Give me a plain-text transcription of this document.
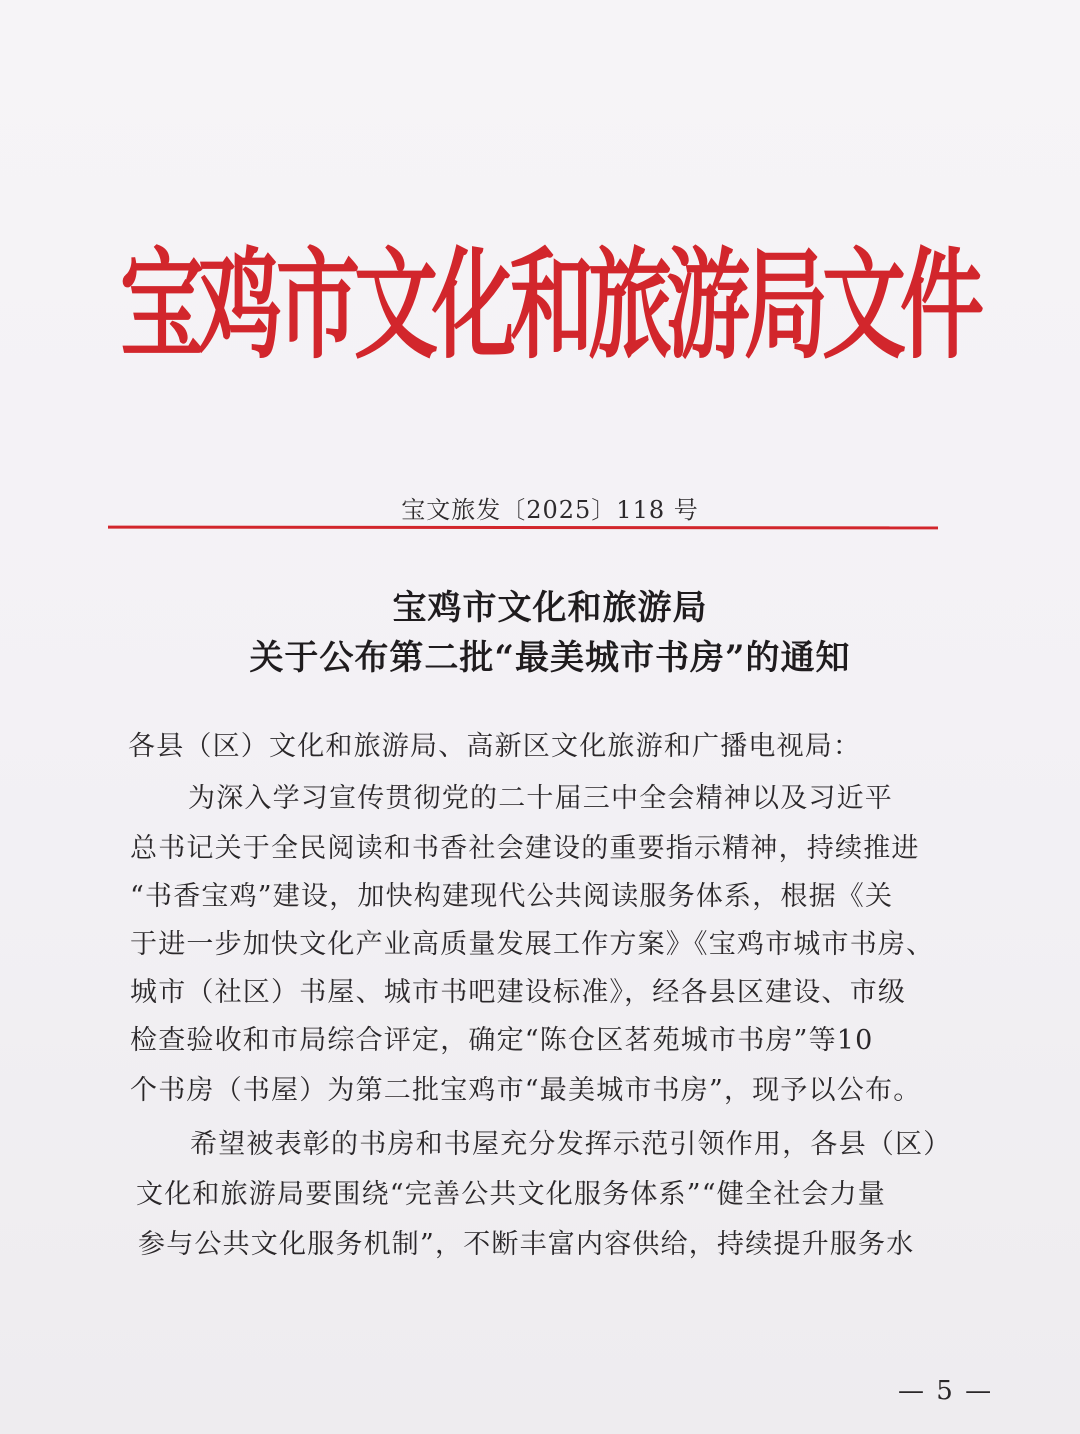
宝鸡市文化和旅游局文件
宝文旅发〔2025〕118 号
宝鸡市文化和旅游局
关于公布第二批“最美城市书房”的通知
各县（区）文化和旅游局、高新区文化旅游和广播电视局：
为深入学习宣传贯彻党的二十届三中全会精神以及习近平
总书记关于全民阅读和书香社会建设的重要指示精神，持续推进
“书香宝鸡”建设，加快构建现代公共阅读服务体系，根据《关
于进一步加快文化产业高质量发展工作方案》《宝鸡市城市书房、
城市（社区）书屋、城市书吧建设标准》，经各县区建设、市级
检查验收和市局综合评定，确定“陈仓区茗苑城市书房”等10
个书房（书屋）为第二批宝鸡市“最美城市书房”，现予以公布。
希望被表彰的书房和书屋充分发挥示范引领作用，各县（区）
文化和旅游局要围绕“完善公共文化服务体系”“健全社会力量
参与公共文化服务机制”，不断丰富内容供给，持续提升服务水
— 5 —
